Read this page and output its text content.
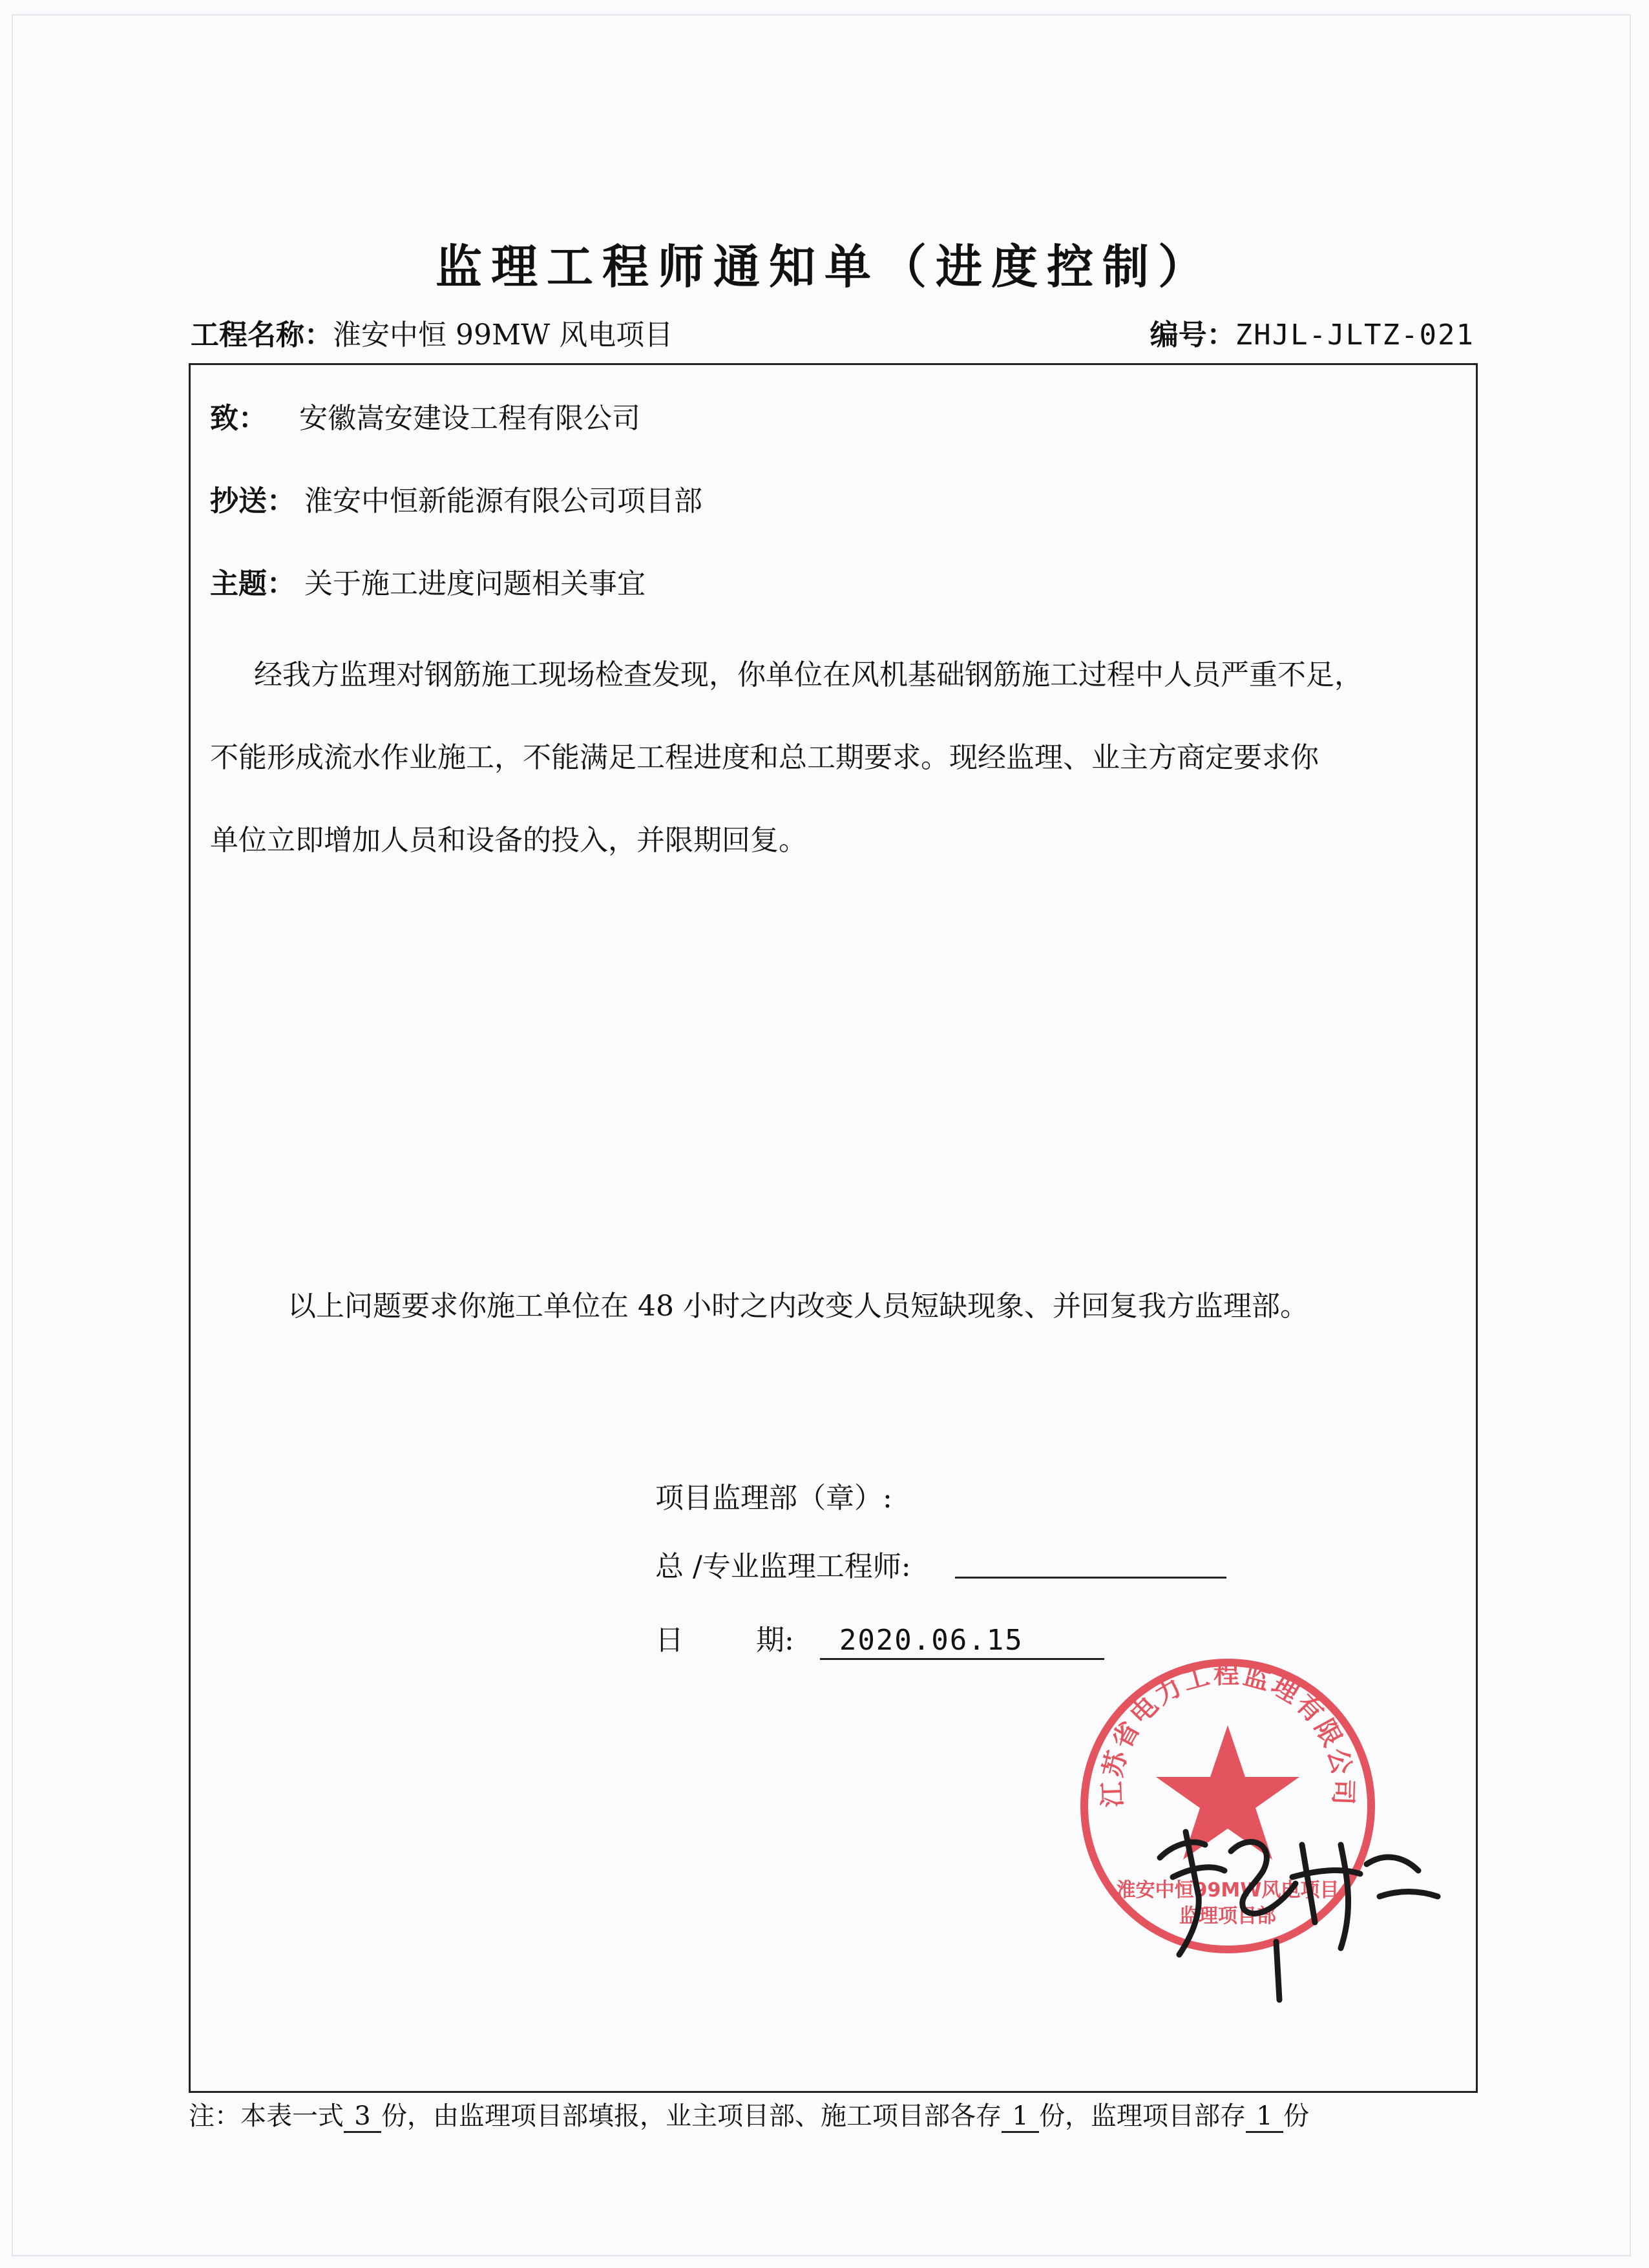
监理工程师通知单（进度控制）
工程名称：淮安中恒 99MW 风电项目	编号：ZHJL-JLTZ-021
致： 安徽嵩安建设工程有限公司
抄送： 淮安中恒新能源有限公司项目部
主题： 关于施工进度问题相关事宜

经我方监理对钢筋施工现场检查发现，你单位在风机基础钢筋施工过程中人员严重不足，

不能形成流水作业施工，不能满足工程进度和总工期要求。现经监理、业主方商定要求你

单位立即增加人员和设备的投入，并限期回复。

以上问题要求你施工单位在 48 小时之内改变人员短缺现象、并回复我方监理部。
项目监理部（章）:
总 /专业监理工程师:
日	期: 2020.06.15
江苏省电力工程监理有限公司
淮安中恒99MW风电项目
监理项目部
注：本表一式 3 份，由监理项目部填报，业主项目部、施工项目部各存 1 份，监理项目部存 1 份
